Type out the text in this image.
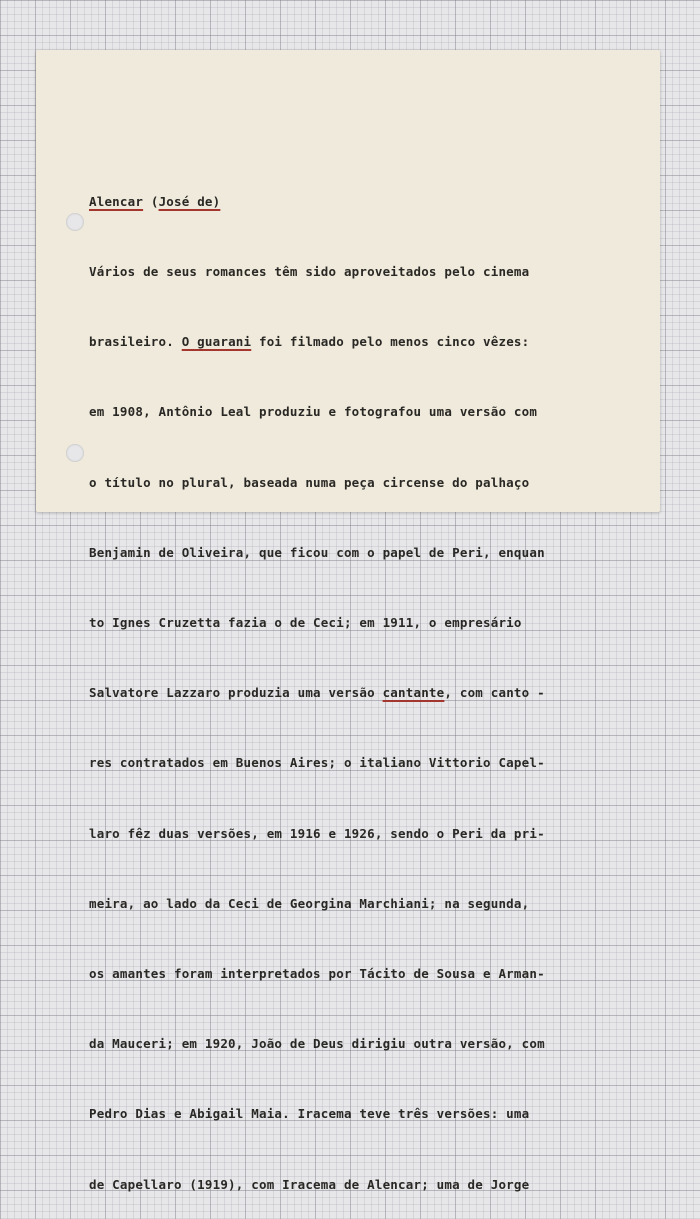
Alencar (José de)

Vários de seus romances têm sido aproveitados pelo cinema

brasileiro. O guarani foi filmado pelo menos cinco vêzes:

em 1908, Antônio Leal produziu e fotografou uma versão com

o título no plural, baseada numa peça circense do palhaço

Benjamin de Oliveira, que ficou com o papel de Peri, enquan

to Ignes Cruzetta fazia o de Ceci; em 1911, o empresário

Salvatore Lazzaro produzia uma versão cantante, com canto -

res contratados em Buenos Aires; o italiano Vittorio Capel-

laro fêz duas versões, em 1916 e 1926, sendo o Peri da pri-

meira, ao lado da Ceci de Georgina Marchiani; na segunda,

os amantes foram interpretados por Tácito de Sousa e Arman-

da Mauceri; em 1920, João de Deus dirigiu outra versão, com

Pedro Dias e Abigail Maia. Iracema teve três versões: uma

de Capellaro (1919), com Iracema de Alencar; uma de Jorge
